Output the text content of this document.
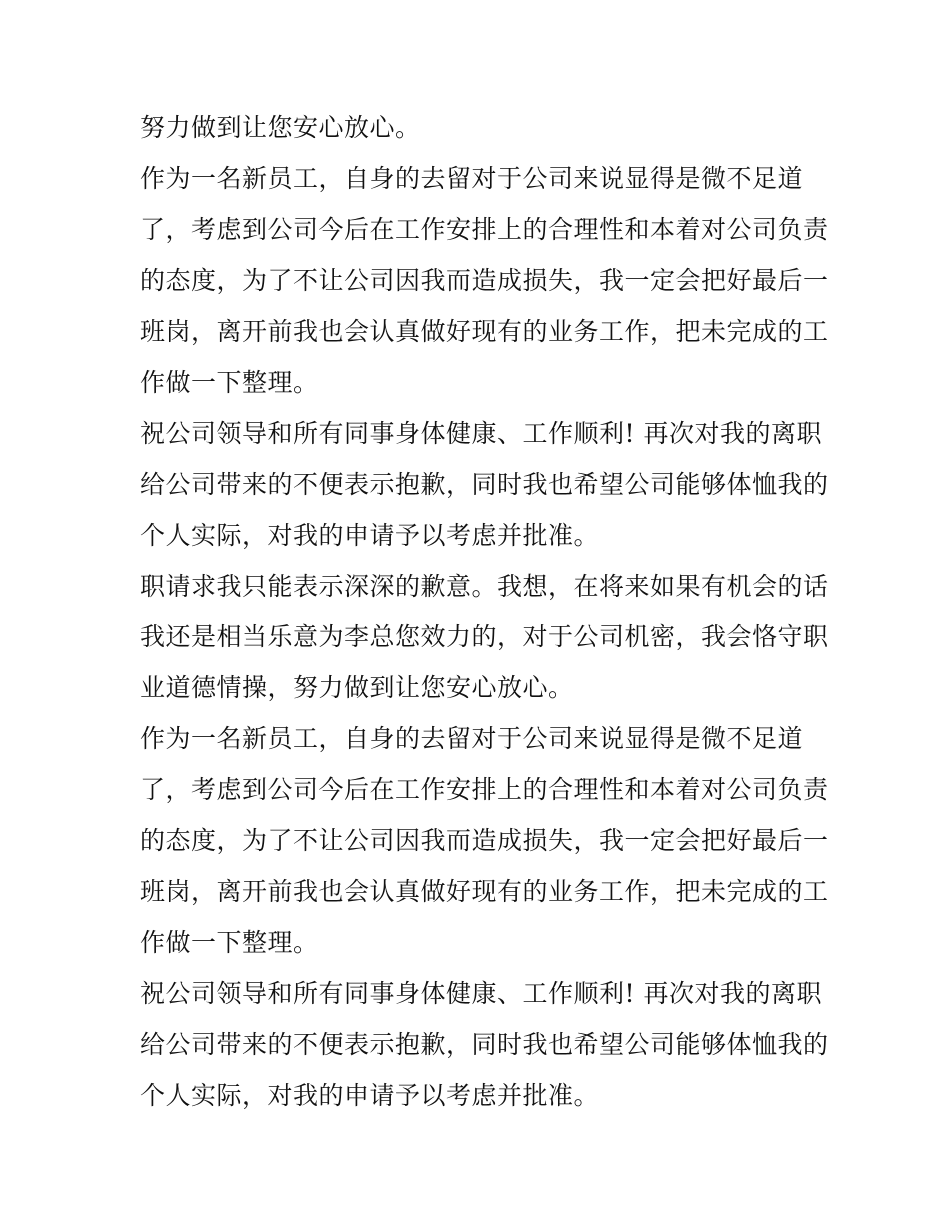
努力做到让您安心放心。
作为一名新员工，自身的去留对于公司来说显得是微不足道
了，考虑到公司今后在工作安排上的合理性和本着对公司负责
的态度，为了不让公司因我而造成损失，我一定会把好最后一
班岗，离开前我也会认真做好现有的业务工作，把未完成的工
作做一下整理。
祝公司领导和所有同事身体健康、工作顺利! 再次对我的离职
给公司带来的不便表示抱歉，同时我也希望公司能够体恤我的
个人实际，对我的申请予以考虑并批准。
职请求我只能表示深深的歉意。我想，在将来如果有机会的话
我还是相当乐意为李总您效力的，对于公司机密，我会恪守职
业道德情操，努力做到让您安心放心。
作为一名新员工，自身的去留对于公司来说显得是微不足道
了，考虑到公司今后在工作安排上的合理性和本着对公司负责
的态度，为了不让公司因我而造成损失，我一定会把好最后一
班岗，离开前我也会认真做好现有的业务工作，把未完成的工
作做一下整理。
祝公司领导和所有同事身体健康、工作顺利! 再次对我的离职
给公司带来的不便表示抱歉，同时我也希望公司能够体恤我的
个人实际，对我的申请予以考虑并批准。
